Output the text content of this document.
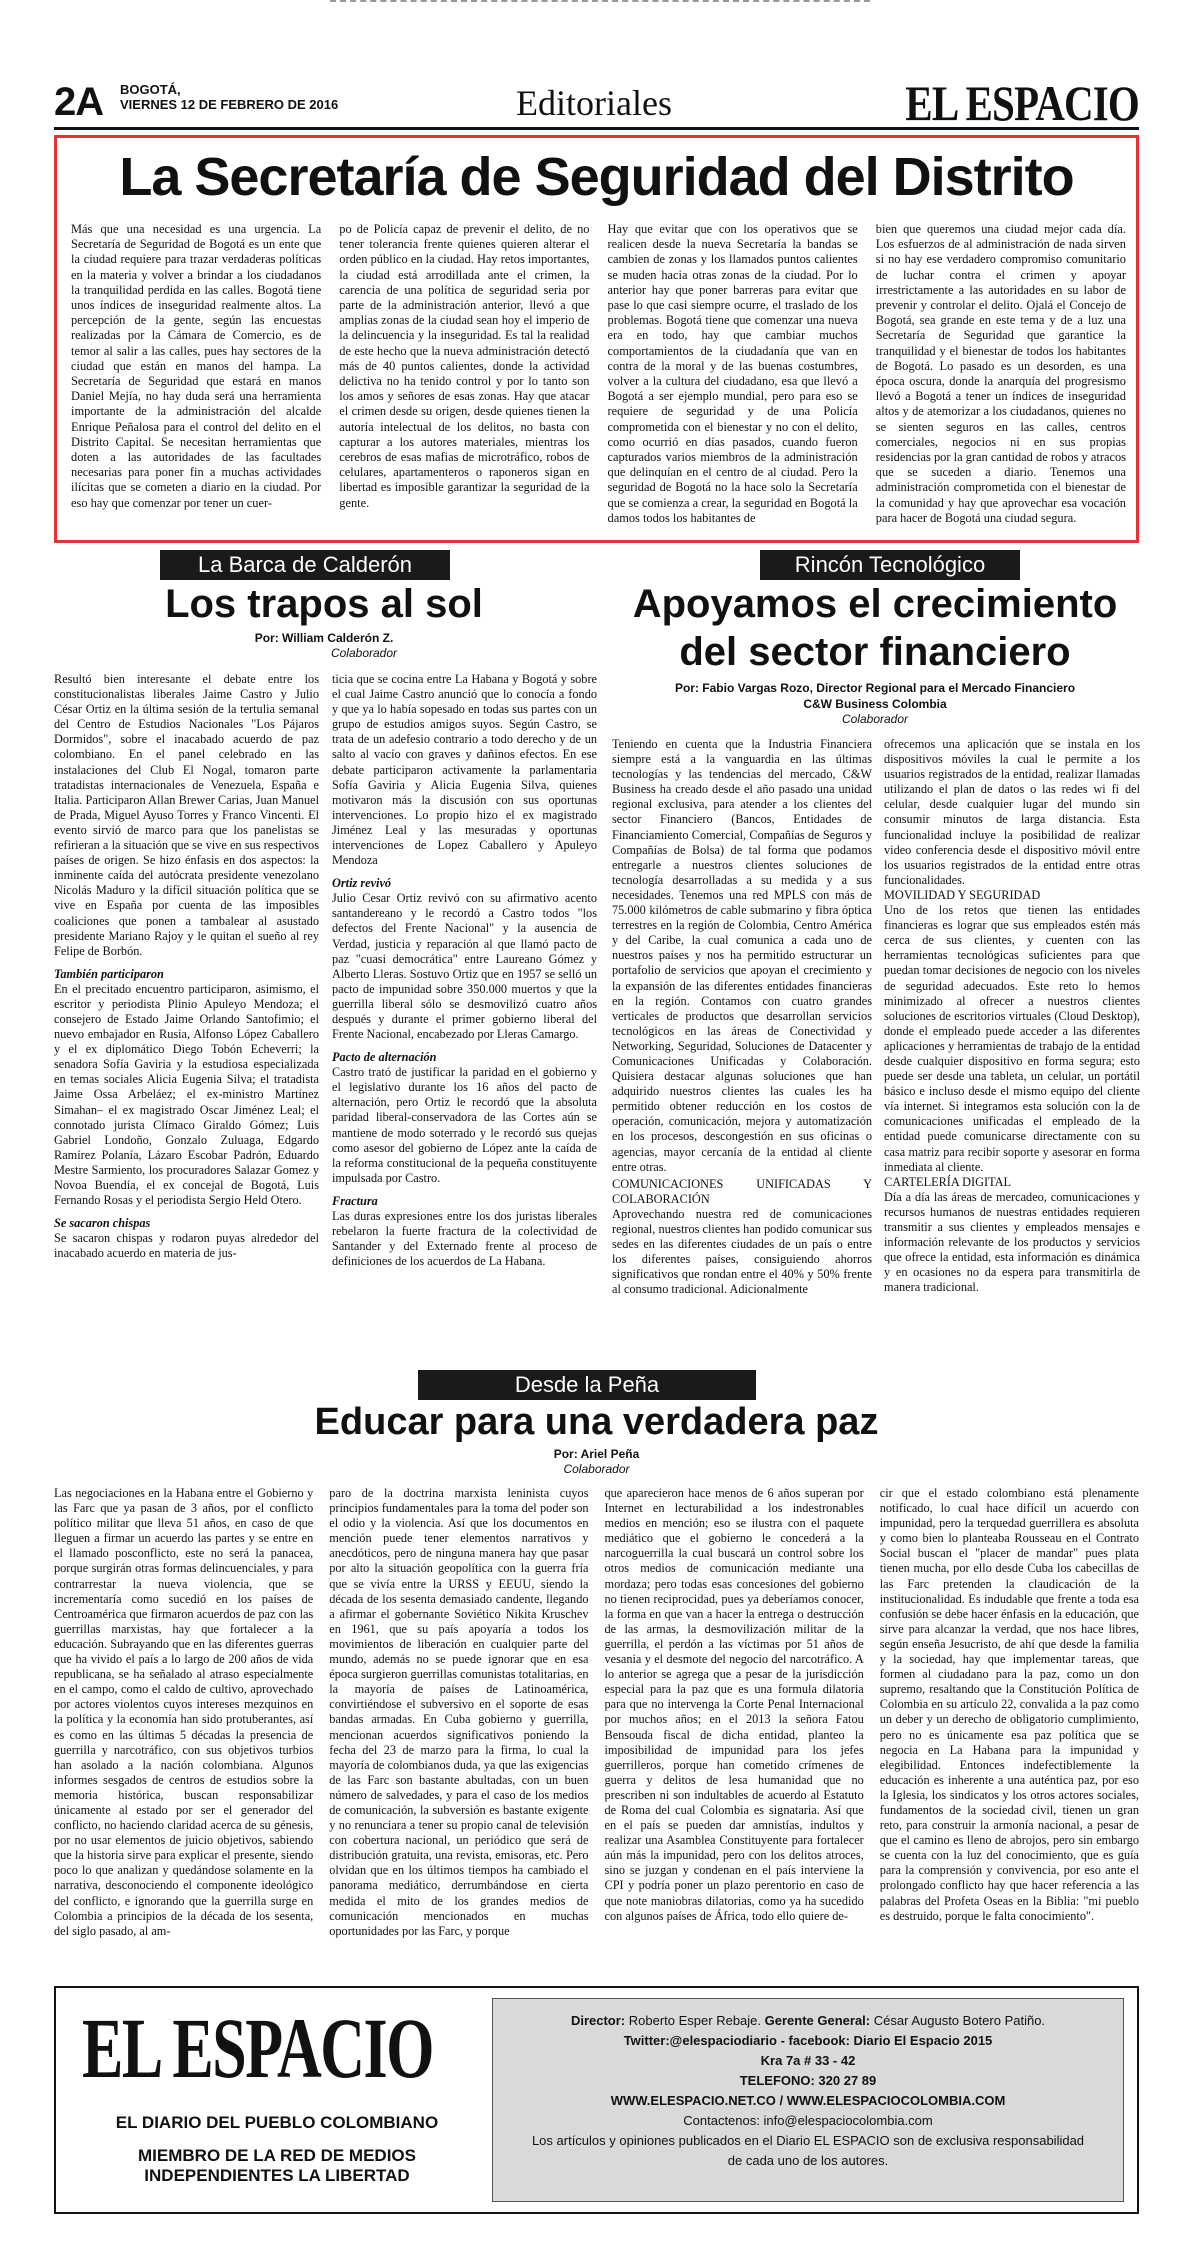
2A BOGOTÁ,
VIERNES 12 DE FEBRERO DE 2016	Editoriales	EL ESPACIO
La Secretaría de Seguridad del Distrito

Más que una necesidad es una urgencia. La Secretaría de Seguridad de Bogotá es un ente que la ciudad requiere para trazar verdaderas políticas en la materia y volver a brindar a los ciudadanos la tranquilidad perdida en las calles. Bogotá tiene unos índices de inseguridad realmente altos. La percepción de la gente, según las encuestas realizadas por la Cámara de Comercio, es de temor al salir a las calles, pues hay sectores de la ciudad que están en manos del hampa. La Secretaría de Seguridad que estará en manos Daniel Mejía, no hay duda será una herramienta importante de la administración del alcalde Enrique Peñalosa para el control del delito en el Distrito Capital. Se necesitan herramientas que doten a las autoridades de las facultades necesarias para poner fin a muchas actividades ilícitas que se cometen a diario en la ciudad. Por eso hay que comenzar por tener un cuer-

po de Policía capaz de prevenir el delito, de no tener tolerancia frente quienes quieren alterar el orden público en la ciudad. Hay retos importantes, la ciudad está arrodillada ante el crimen, la carencia de una política de seguridad seria por parte de la administración anterior, llevó a que amplias zonas de la ciudad sean hoy el imperio de la delincuencia y la inseguridad. Es tal la realidad de este hecho que la nueva administración detectó más de 40 puntos calientes, donde la actividad delictiva no ha tenido control y por lo tanto son los amos y señores de esas zonas. Hay que atacar el crimen desde su origen, desde quienes tienen la autoría intelectual de los delitos, no basta con capturar a los autores materiales, mientras los cerebros de esas mafias de microtráfico, robos de celulares, apartamenteros o raponeros sigan en libertad es imposible garantizar la seguridad de la gente.

Hay que evitar que con los operativos que se realicen desde la nueva Secretaría la bandas se cambien de zonas y los llamados puntos calientes se muden hacia otras zonas de la ciudad. Por lo anterior hay que poner barreras para evitar que pase lo que casi siempre ocurre, el traslado de los problemas. Bogotá tiene que comenzar una nueva era en todo, hay que cambiar muchos comportamientos de la ciudadanía que van en contra de la moral y de las buenas costumbres, volver a la cultura del ciudadano, esa que llevó a Bogotá a ser ejemplo mundial, pero para eso se requiere de seguridad y de una Policía comprometida con el bienestar y no con el delito, como ocurrió en días pasados, cuando fueron capturados varios miembros de la administración que delinquían en el centro de al ciudad. Pero la seguridad de Bogotá no la hace solo la Secretaría que se comienza a crear, la seguridad en Bogotá la damos todos los habitantes de

bien que queremos una ciudad mejor cada día. Los esfuerzos de al administración de nada sirven si no hay ese verdadero compromiso comunitario de luchar contra el crimen y apoyar irrestrictamente a las autoridades en su labor de prevenir y controlar el delito. Ojalá el Concejo de Bogotá, sea grande en este tema y de a luz una Secretaría de Seguridad que garantice la tranquilidad y el bienestar de todos los habitantes de Bogotá. Lo pasado es un desorden, es una época oscura, donde la anarquía del progresismo llevó a Bogotá a tener un índices de inseguridad altos y de atemorizar a los ciudadanos, quienes no se sienten seguros en las calles, centros comerciales, negocios ni en sus propias residencias por la gran cantidad de robos y atracos que se suceden a diario. Tenemos una administración comprometida con el bienestar de la comunidad y hay que aprovechar esa vocación para hacer de Bogotá una ciudad segura.

La Barca de Calderón
Los trapos al sol
Por: William Calderón Z.
Colaborador
Resultó bien interesante el debate entre los constitucionalistas liberales Jaime Castro y Julio César Ortiz en la última sesión de la tertulia semanal del Centro de Estudios Nacionales "Los Pájaros Dormidos", sobre el inacabado acuerdo de paz colombiano. En el panel celebrado en las instalaciones del Club El Nogal, tomaron parte tratadistas internacionales de Venezuela, España e Italia. Participaron Allan Brewer Carias, Juan Manuel de Prada, Miguel Ayuso Torres y Franco Vincenti. El evento sirvió de marco para que los panelistas se refirieran a la situación que se vive en sus respectivos países de origen. Se hizo énfasis en dos aspectos: la inminente caída del autócrata presidente venezolano Nicolás Maduro y la difícil situación política que se vive en España por cuenta de las imposibles coaliciones que ponen a tambalear al asustado presidente Mariano Rajoy y le quitan el sueño al rey Felipe de Borbón.
También participaron
En el precitado encuentro participaron, asimismo, el escritor y periodista Plinio Apuleyo Mendoza; el consejero de Estado Jaime Orlando Santofimio; el nuevo embajador en Rusia, Alfonso López Caballero y el ex diplomático Diego Tobón Echeverri; la senadora Sofía Gaviria y la estudiosa especializada en temas sociales Alicia Eugenia Silva; el tratadista Jaime Ossa Arbeláez; el ex-ministro Martínez Simahan– el ex magistrado Oscar Jiménez Leal; el connotado jurista Clímaco Giraldo Gómez; Luis Gabriel Londoño, Gonzalo Zuluaga, Edgardo Ramírez Polanía, Lázaro Escobar Padrón, Eduardo Mestre Sarmiento, los procuradores Salazar Gomez y Novoa Buendía, el ex concejal de Bogotá, Luis Fernando Rosas y el periodista Sergio Held Otero.
Se sacaron chispas
Se sacaron chispas y rodaron puyas alrededor del inacabado acuerdo en materia de jus-
ticia que se cocina entre La Habana y Bogotá y sobre el cual Jaime Castro anunció que lo conocía a fondo y que ya lo había sopesado en todas sus partes con un grupo de estudios amigos suyos. Según Castro, se trata de un adefesio contrario a todo derecho y de un salto al vacío con graves y dañinos efectos. En ese debate participaron activamente la parlamentaria Sofía Gaviria y Alicia Eugenia Silva, quienes motivaron más la discusión con sus oportunas intervenciones. Lo propio hizo el ex magistrado Jiménez Leal y las mesuradas y oportunas intervenciones de Lopez Caballero y Apuleyo Mendoza
Ortiz revivó
Julio Cesar Ortiz revivó con su afirmativo acento santandereano y le recordó a Castro todos "los defectos del Frente Nacional" y la ausencia de Verdad, justicia y reparación al que llamó pacto de paz "cuasi democrática" entre Laureano Gómez y Alberto Lleras. Sostuvo Ortiz que en 1957 se selló un pacto de impunidad sobre 350.000 muertos y que la guerrilla liberal sólo se desmovilizó cuatro años después y durante el primer gobierno liberal del Frente Nacional, encabezado por Lleras Camargo.
Pacto de alternación
Castro trató de justificar la paridad en el gobierno y el legislativo durante los 16 años del pacto de alternación, pero Ortiz le recordó que la absoluta paridad liberal-conservadora de las Cortes aún se mantiene de modo soterrado y le recordó sus quejas como asesor del gobierno de López ante la caída de la reforma constitucional de la pequeña constituyente impulsada por Castro.
Fractura
Las duras expresiones entre los dos juristas liberales rebelaron la fuerte fractura de la colectividad de Santander y del Externado frente al proceso de definiciones de los acuerdos de La Habana.
Rincón Tecnológico
Apoyamos el crecimiento del sector financiero
Por: Fabio Vargas Rozo, Director Regional para el Mercado Financiero
C&W Business Colombia
Colaborador
Teniendo en cuenta que la Industria Financiera siempre está a la vanguardia en las últimas tecnologías y las tendencias del mercado, C&W Business ha creado desde el año pasado una unidad regional exclusiva, para atender a los clientes del sector Financiero (Bancos, Entidades de Financiamiento Comercial, Compañías de Seguros y Compañías de Bolsa) de tal forma que podamos entregarle a nuestros clientes soluciones de tecnología desarrolladas a su medida y a sus necesidades. Tenemos una red MPLS con más de 75.000 kilómetros de cable submarino y fibra óptica terrestres en la región de Colombia, Centro América y del Caribe, la cual comunica a cada uno de nuestros países y nos ha permitido estructurar un portafolio de servicios que apoyan el crecimiento y la expansión de las diferentes entidades financieras en la región. Contamos con cuatro grandes verticales de productos que desarrollan servicios tecnológicos en las áreas de Conectividad y Networking, Seguridad, Soluciones de Datacenter y Comunicaciones Unificadas y Colaboración. Quisiera destacar algunas soluciones que han adquirido nuestros clientes las cuales les ha permitido obtener reducción en los costos de operación, comunicación, mejora y automatización en los procesos, descongestión en sus oficinas o agencias, mayor cercanía de la entidad al cliente entre otras.
COMUNICACIONES UNIFICADAS Y COLABORACIÓN
Aprovechando nuestra red de comunicaciones regional, nuestros clientes han podido comunicar sus sedes en las diferentes ciudades de un país o entre los diferentes países, consiguiendo ahorros significativos que rondan entre el 40% y 50% frente al consumo tradicional. Adicionalmente
ofrecemos una aplicación que se instala en los dispositivos móviles la cual le permite a los usuarios registrados de la entidad, realizar llamadas utilizando el plan de datos o las redes wi fi del celular, desde cualquier lugar del mundo sin consumir minutos de larga distancia. Esta funcionalidad incluye la posibilidad de realizar video conferencia desde el dispositivo móvil entre los usuarios registrados de la entidad entre otras funcionalidades.
MOVILIDAD Y SEGURIDAD
Uno de los retos que tienen las entidades financieras es lograr que sus empleados estén más cerca de sus clientes, y cuenten con las herramientas tecnológicas suficientes para que puedan tomar decisiones de negocio con los niveles de seguridad adecuados. Este reto lo hemos minimizado al ofrecer a nuestros clientes soluciones de escritorios virtuales (Cloud Desktop), donde el empleado puede acceder a las diferentes aplicaciones y herramientas de trabajo de la entidad desde cualquier dispositivo en forma segura; esto puede ser desde una tableta, un celular, un portátil básico e incluso desde el mismo equipo del cliente vía internet. Si integramos esta solución con la de comunicaciones unificadas el empleado de la entidad puede comunicarse directamente con su casa matriz para recibir soporte y asesorar en forma inmediata al cliente.
CARTELERÍA DIGITAL
Día a día las áreas de mercadeo, comunicaciones y recursos humanos de nuestras entidades requieren transmitir a sus clientes y empleados mensajes e información relevante de los productos y servicios que ofrece la entidad, esta información es dinámica y en ocasiones no da espera para transmitirla de manera tradicional.
Desde la Peña
Educar para una verdadera paz
Por: Ariel Peña
Colaborador
Las negociaciones en la Habana entre el Gobierno y las Farc que ya pasan de 3 años, por el conflicto político militar que lleva 51 años, en caso de que lleguen a firmar un acuerdo las partes y se entre en el llamado posconflicto, este no será la panacea, porque surgirán otras formas delincuenciales, y para contrarrestar la nueva violencia, que se incrementaría como sucedió en los países de Centroamérica que firmaron acuerdos de paz con las guerrillas marxistas, hay que fortalecer a la educación. Subrayando que en las diferentes guerras que ha vivido el país a lo largo de 200 años de vida republicana, se ha señalado al atraso especialmente en el campo, como el caldo de cultivo, aprovechado por actores violentos cuyos intereses mezquinos en la política y la economía han sido protuberantes, así es como en las últimas 5 décadas la presencia de guerrilla y narcotráfico, con sus objetivos turbios han asolado a la nación colombiana. Algunos informes sesgados de centros de estudios sobre la memoria histórica, buscan responsabilizar únicamente al estado por ser el generador del conflicto, no haciendo claridad acerca de su génesis, por no usar elementos de juicio objetivos, sabiendo que la historia sirve para explicar el presente, siendo poco lo que analizan y quedándose solamente en la narrativa, desconociendo el componente ideológico del conflicto, e ignorando que la guerrilla surge en Colombia a principios de la década de los sesenta, del siglo pasado, al am-
paro de la doctrina marxista leninista cuyos principios fundamentales para la toma del poder son el odio y la violencia. Así que los documentos en mención puede tener elementos narrativos y anecdóticos, pero de ninguna manera hay que pasar por alto la situación geopolítica con la guerra fría que se vivía entre la URSS y EEUU, siendo la década de los sesenta demasiado candente, llegando a afirmar el gobernante Soviético Nikita Kruschev en 1961, que su país apoyaría a todos los movimientos de liberación en cualquier parte del mundo, además no se puede ignorar que en esa época surgieron guerrillas comunistas totalitarias, en la mayoría de países de Latinoamérica, convirtiéndose el subversivo en el soporte de esas bandas armadas. En Cuba gobierno y guerrilla, mencionan acuerdos significativos poniendo la fecha del 23 de marzo para la firma, lo cual la mayoría de colombianos duda, ya que las exigencias de las Farc son bastante abultadas, con un buen número de salvedades, y para el caso de los medios de comunicación, la subversión es bastante exigente y no renunciara a tener su propio canal de televisión con cobertura nacional, un periódico que será de distribución gratuita, una revista, emisoras, etc. Pero olvidan que en los últimos tiempos ha cambiado el panorama mediático, derrumbándose en cierta medida el mito de los grandes medios de comunicación mencionados en muchas oportunidades por las Farc, y porque
que aparecieron hace menos de 6 años superan por Internet en lecturabilidad a los indestronables medios en mención; eso se ilustra con el paquete mediático que el gobierno le concederá a la narcoguerrilla la cual buscará un control sobre los otros medios de comunicación mediante una mordaza; pero todas esas concesiones del gobierno no tienen reciprocidad, pues ya deberíamos conocer, la forma en que van a hacer la entrega o destrucción de las armas, la desmovilización militar de la guerrilla, el perdón a las víctimas por 51 años de vesania y el desmote del negocio del narcotráfico. A lo anterior se agrega que a pesar de la jurisdicción especial para la paz que es una formula dilatoria para que no intervenga la Corte Penal Internacional por muchos años; en el 2013 la señora Fatou Bensouda fiscal de dicha entidad, planteo la imposibilidad de impunidad para los jefes guerrilleros, porque han cometido crímenes de guerra y delitos de lesa humanidad que no prescriben ni son indultables de acuerdo al Estatuto de Roma del cual Colombia es signataria. Así que en el país se pueden dar amnistías, indultos y realizar una Asamblea Constituyente para fortalecer aún más la impunidad, pero con los delitos atroces, sino se juzgan y condenan en el país interviene la CPI y podría poner un plazo perentorio en caso de que note maniobras dilatorias, como ya ha sucedido con algunos países de África, todo ello quiere de-
cir que el estado colombiano está plenamente notificado, lo cual hace difícil un acuerdo con impunidad, pero la terquedad guerrillera es absoluta y como bien lo planteaba Rousseau en el Contrato Social buscan el "placer de mandar" pues plata tienen mucha, por ello desde Cuba los cabecillas de las Farc pretenden la claudicación de la institucionalidad. Es indudable que frente a toda esa confusión se debe hacer énfasis en la educación, que sirve para alcanzar la verdad, que nos hace libres, según enseña Jesucristo, de ahí que desde la familia y la sociedad, hay que implementar tareas, que formen al ciudadano para la paz, como un don supremo, resaltando que la Constitución Política de Colombia en su artículo 22, convalida a la paz como un deber y un derecho de obligatorio cumplimiento, pero no es únicamente esa paz política que se negocia en La Habana para la impunidad y elegibilidad. Entonces indefectiblemente la educación es inherente a una auténtica paz, por eso la Iglesia, los sindicatos y los otros actores sociales, fundamentos de la sociedad civil, tienen un gran reto, para construir la armonía nacional, a pesar de que el camino es lleno de abrojos, pero sin embargo se cuenta con la luz del conocimiento, que es guía para la comprensión y convivencia, por eso ante el prolongado conflicto hay que hacer referencia a las palabras del Profeta Oseas en la Biblia: "mi pueblo es destruido, porque le falta conocimiento".
EL ESPACIO
EL DIARIO DEL PUEBLO COLOMBIANO
MIEMBRO DE LA RED DE MEDIOS
INDEPENDIENTES LA LIBERTAD
Director: Roberto Esper Rebaje. Gerente General: César Augusto Botero Patiño.
Twitter:@elespaciodiario - facebook: Diario El Espacio 2015
Kra 7a # 33 - 42
TELEFONO: 320 27 89
WWW.ELESPACIO.NET.CO / WWW.ELESPACIOCOLOMBIA.COM
Contactenos: info@elespaciocolombia.com
Los artículos y opiniones publicados en el Diario EL ESPACIO son de exclusiva responsabilidad
de cada uno de los autores.
